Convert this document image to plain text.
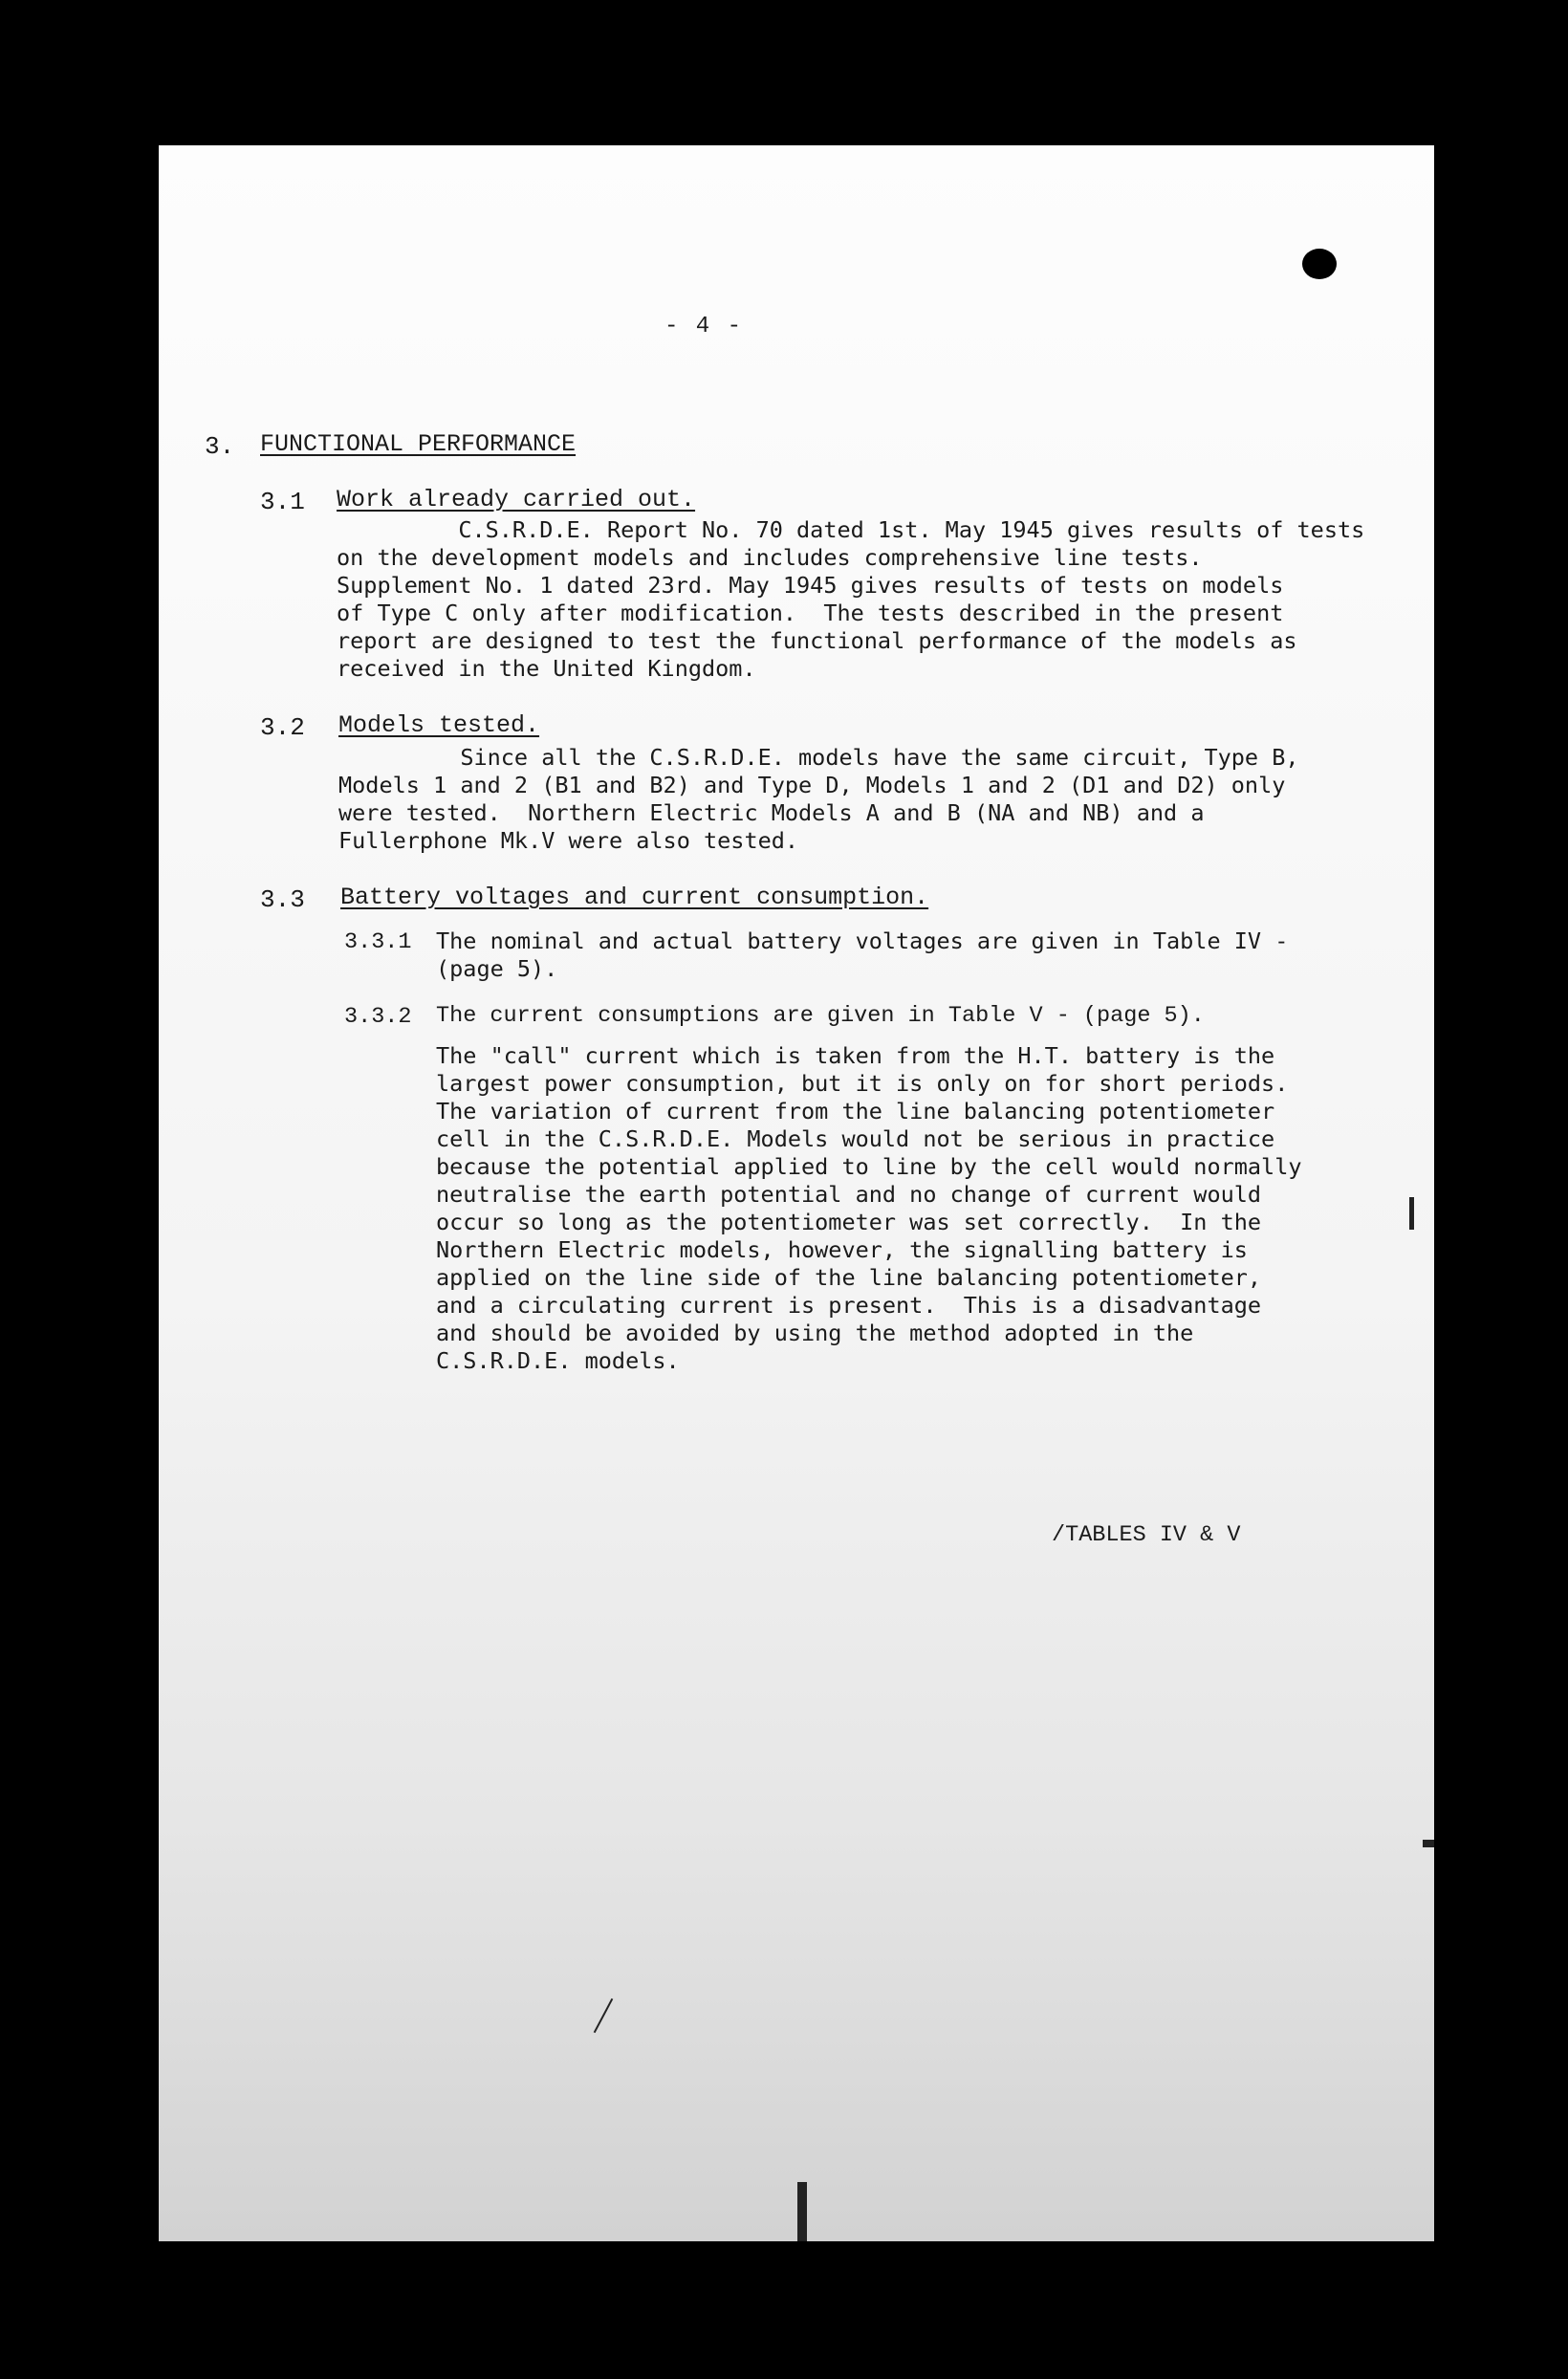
- 4 -
3. FUNCTIONAL PERFORMANCE
3.1 Work already carried out.
C.S.R.D.E. Report No. 70 dated 1st. May 1945 gives results of tests
on the development models and includes comprehensive line tests.
Supplement No. 1 dated 23rd. May 1945 gives results of tests on models
of Type C only after modification.  The tests described in the present
report are designed to test the functional performance of the models as
received in the United Kingdom.
3.2 Models tested.
Since all the C.S.R.D.E. models have the same circuit, Type B,
Models 1 and 2 (B1 and B2) and Type D, Models 1 and 2 (D1 and D2) only
were tested.  Northern Electric Models A and B (NA and NB) and a
Fullerphone Mk.V were also tested.
3.3 Battery voltages and current consumption.
3.3.1 The nominal and actual battery voltages are given in Table IV -
(page 5).
3.3.2 The current consumptions are given in Table V - (page 5).
The "call" current which is taken from the H.T. battery is the
largest power consumption, but it is only on for short periods.
The variation of current from the line balancing potentiometer
cell in the C.S.R.D.E. Models would not be serious in practice
because the potential applied to line by the cell would normally
neutralise the earth potential and no change of current would
occur so long as the potentiometer was set correctly.  In the
Northern Electric models, however, the signalling battery is
applied on the line side of the line balancing potentiometer,
and a circulating current is present.  This is a disadvantage
and should be avoided by using the method adopted in the
C.S.R.D.E. models.
/TABLES IV & V
